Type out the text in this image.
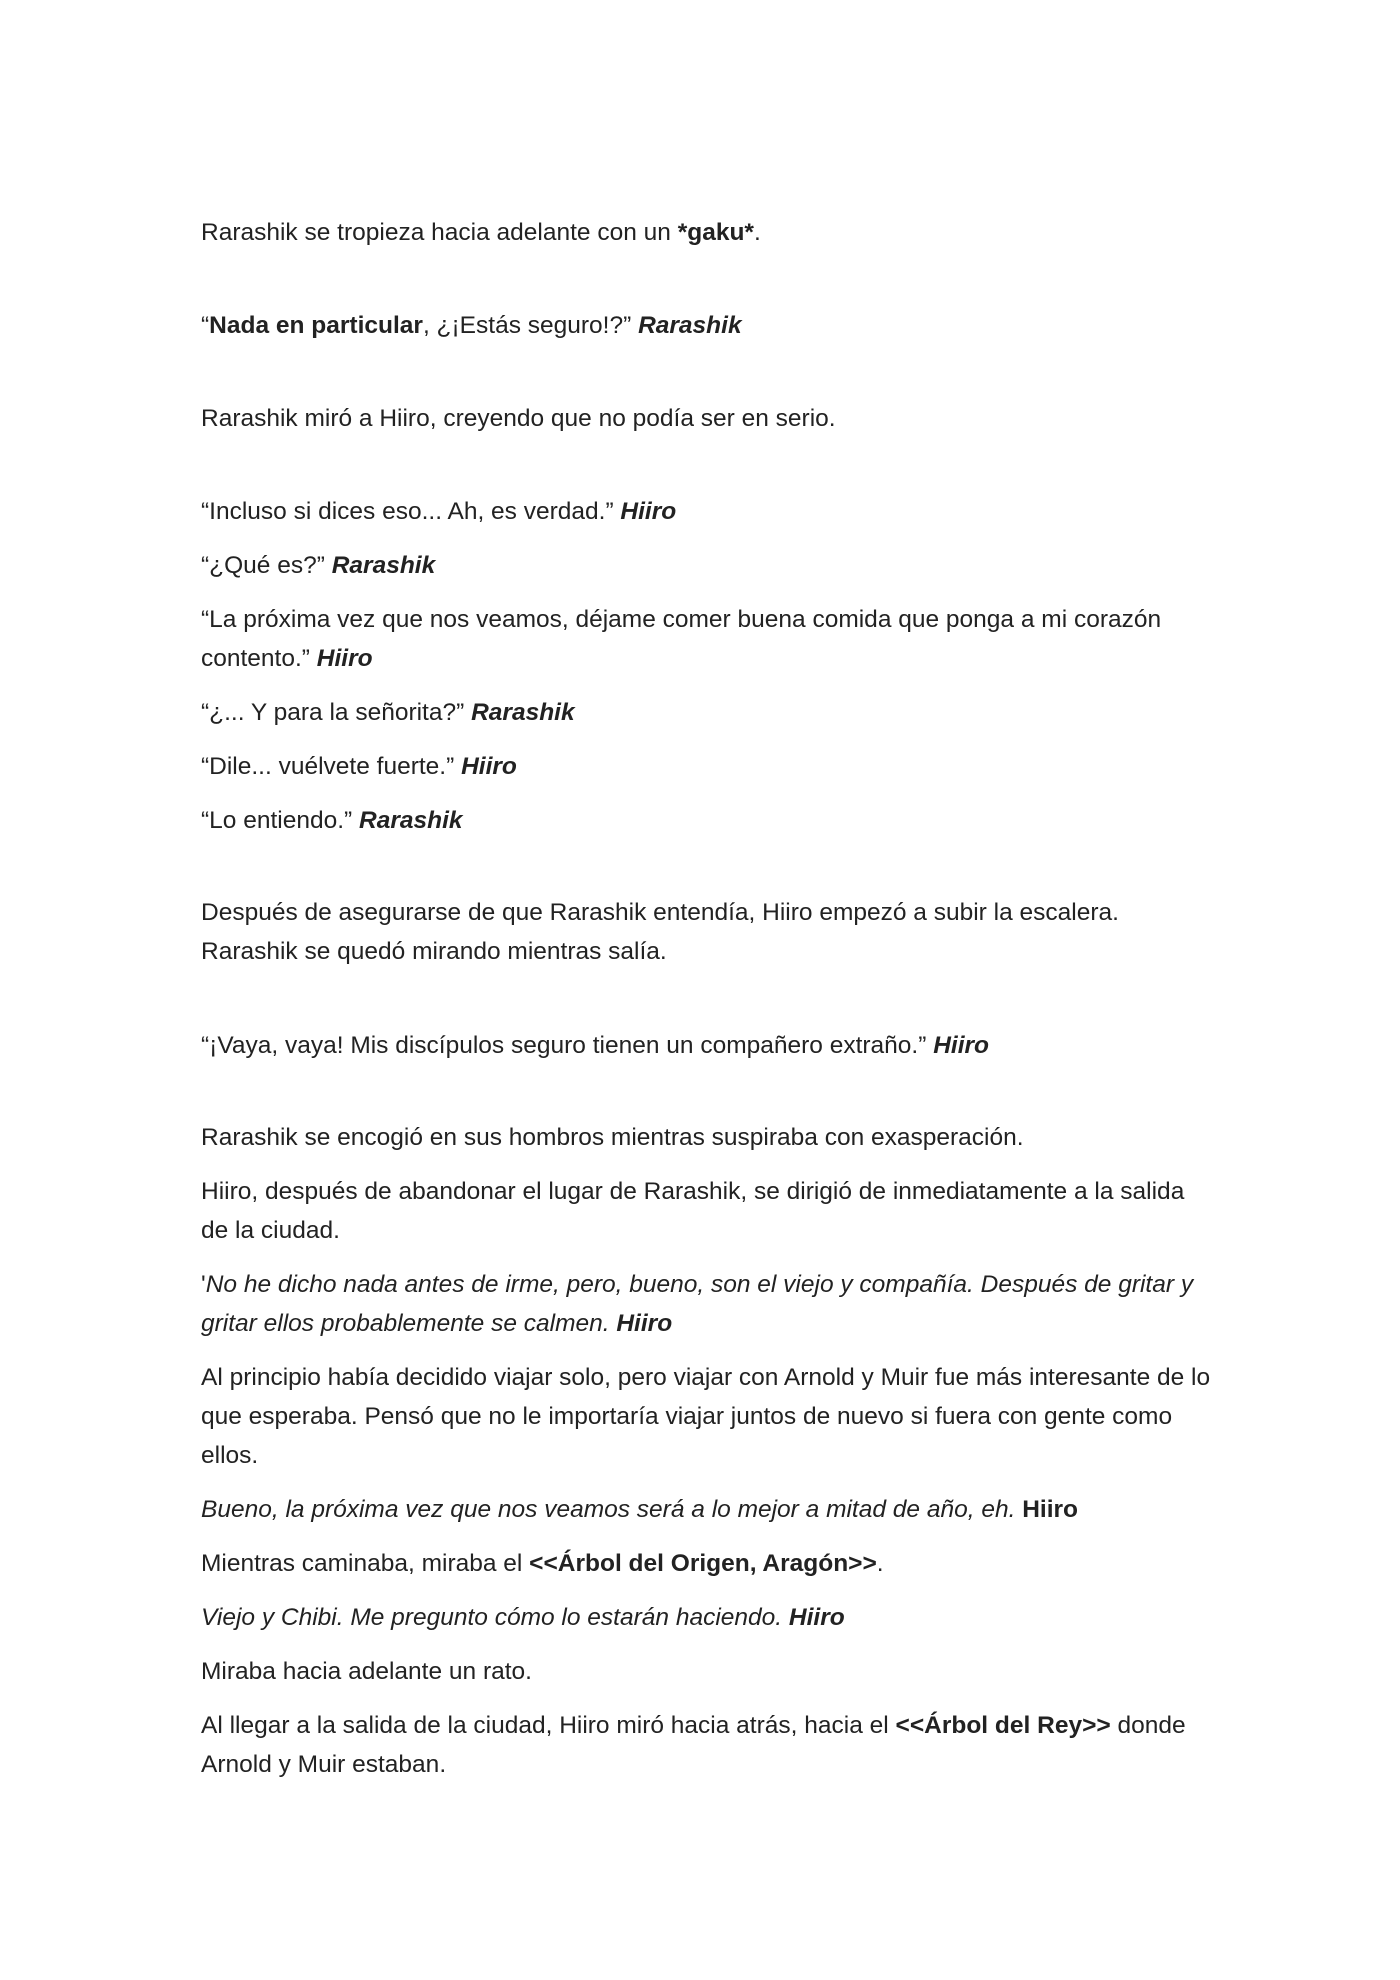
Rarashik se tropieza hacia adelante con un *gaku*.

“Nada en particular, ¿¡Estás seguro!?” Rarashik

Rarashik miró a Hiiro, creyendo que no podía ser en serio.

“Incluso si dices eso... Ah, es verdad.” Hiiro

“¿Qué es?” Rarashik

“La próxima vez que nos veamos, déjame comer buena comida que ponga a mi corazón contento.” Hiiro

“¿... Y para la señorita?” Rarashik

“Dile... vuélvete fuerte.” Hiiro

“Lo entiendo.” Rarashik

Después de asegurarse de que Rarashik entendía, Hiiro empezó a subir la escalera. Rarashik se quedó mirando mientras salía.

“¡Vaya, vaya! Mis discípulos seguro tienen un compañero extraño.” Hiiro

Rarashik se encogió en sus hombros mientras suspiraba con exasperación.

Hiiro, después de abandonar el lugar de Rarashik, se dirigió de inmediatamente a la salida de la ciudad.

'No he dicho nada antes de irme, pero, bueno, son el viejo y compañía. Después de gritar y gritar ellos probablemente se calmen. Hiiro

Al principio había decidido viajar solo, pero viajar con Arnold y Muir fue más interesante de lo que esperaba. Pensó que no le importaría viajar juntos de nuevo si fuera con gente como ellos.

Bueno, la próxima vez que nos veamos será a lo mejor a mitad de año, eh. Hiiro

Mientras caminaba, miraba el <<Árbol del Origen, Aragón>>.

Viejo y Chibi. Me pregunto cómo lo estarán haciendo. Hiiro

Miraba hacia adelante un rato.

Al llegar a la salida de la ciudad, Hiiro miró hacia atrás, hacia el <<Árbol del Rey>> donde Arnold y Muir estaban.
